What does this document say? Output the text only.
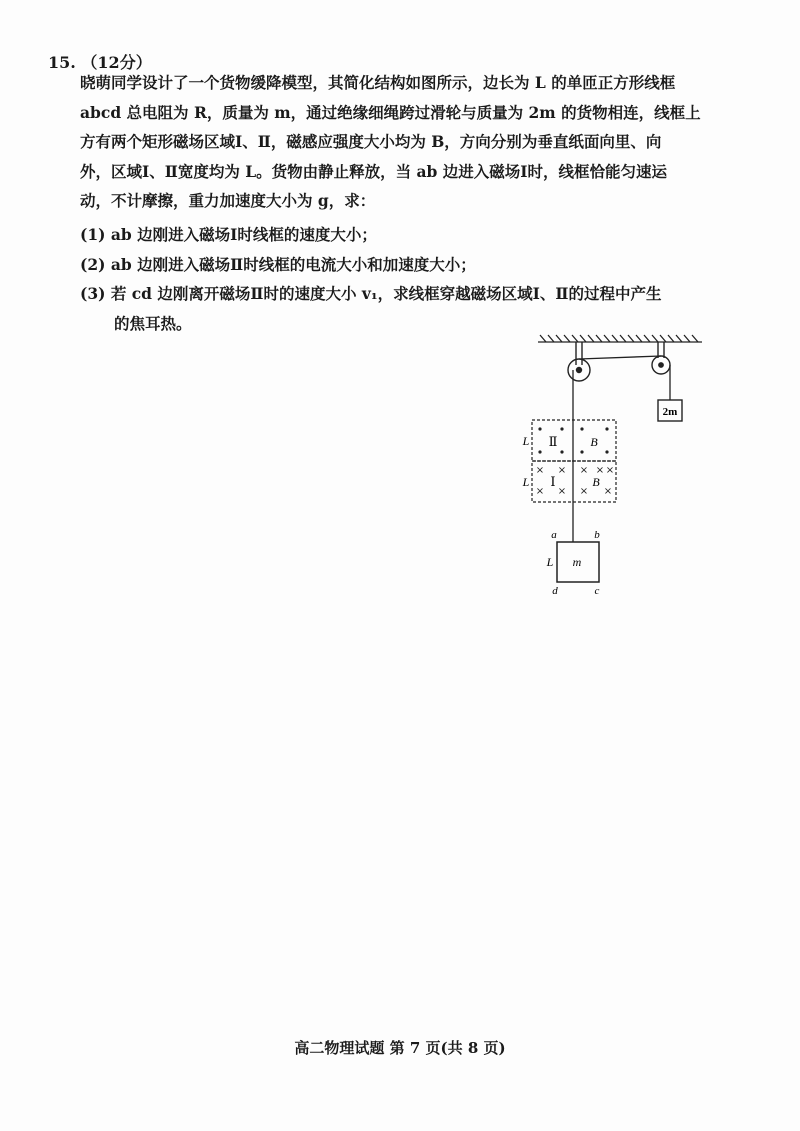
15. （12分）
晓萌同学设计了一个货物缓降模型，其简化结构如图所示，边长为 L 的单匝正方形线框
abcd 总电阻为 R，质量为 m，通过绝缘细绳跨过滑轮与质量为 2m 的货物相连，线框上
方有两个矩形磁场区域Ⅰ、Ⅱ，磁感应强度大小均为 B，方向分别为垂直纸面向里、向
外，区域Ⅰ、Ⅱ宽度均为 L。货物由静止释放，当 ab 边进入磁场Ⅰ时，线框恰能匀速运
动，不计摩擦，重力加速度大小为 g，求：
(1) ab 边刚进入磁场Ⅰ时线框的速度大小；
(2) ab 边刚进入磁场Ⅱ时线框的电流大小和加速度大小；
(3) 若 cd 边刚离开磁场Ⅱ时的速度大小 v₁，求线框穿越磁场区域Ⅰ、Ⅱ的过程中产生
的焦耳热。
2m
× × × × ×
× × × ×
Ⅱ
Ⅰ
B
B
L
L
m
L
a	b
d	c
高二物理试题 第 7 页(共 8 页)
